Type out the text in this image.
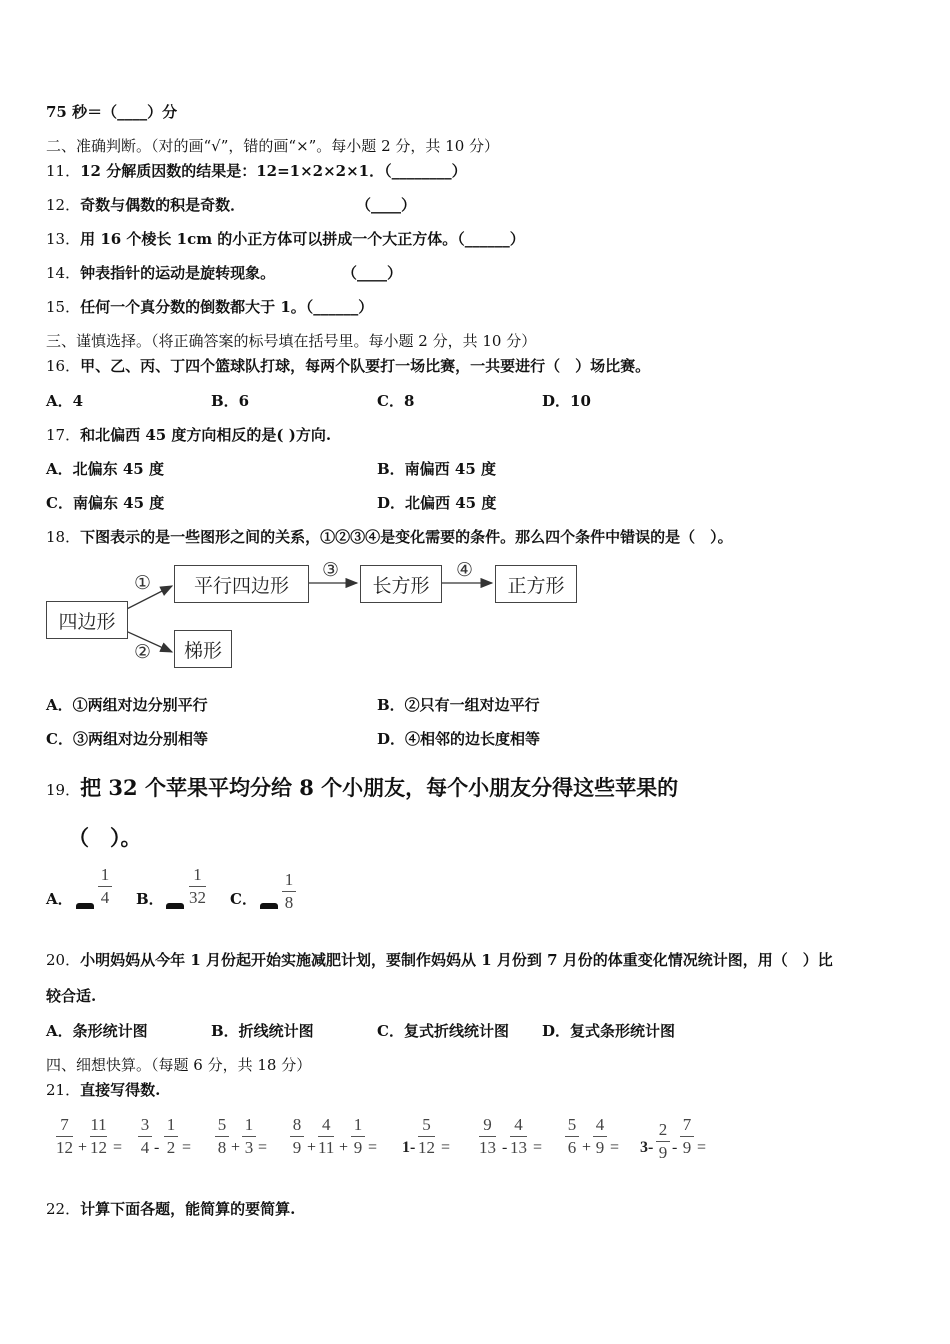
75 秒＝（____）分
二、准确判断。（对的画“√”，错的画“×”。每小题 2 分，共 10 分）
11．12 分解质因数的结果是：12=1×2×2×1．（________）
12．奇数与偶数的积是奇数．	（____）
13．用 16 个棱长 1cm 的小正方体可以拼成一个大正方体。（______）
14．钟表指针的运动是旋转现象。	（____）
15．任何一个真分数的倒数都大于 1。（______）
三、谨慎选择。（将正确答案的标号填在括号里。每小题 2 分，共 10 分）
16．甲、乙、丙、丁四个篮球队打球，每两个队要打一场比赛，一共要进行（　）场比赛。
A．4	B．6	C．8	D．10
17．和北偏西 45 度方向相反的是( )方向.
A．北偏东 45 度	B．南偏西 45 度
C．南偏东 45 度	D．北偏西 45 度
18．下图表示的是一些图形之间的关系，①②③④是变化需要的条件。那么四个条件中错误的是（　）。
四边形
平行四边形	长方形	正方形
梯形
①
②
③	④
A．①两组对边分别平行	B．②只有一组对边平行
C．③两组对边分别相等	D．④相邻的边长度相等
19．把 32 个苹果平均分给 8 个小朋友，每个小朋友分得这些苹果的
（　）。
A．
1
4 B．
1
32 C．
1
8
20．小明妈妈从今年 1 月份起开始实施减肥计划，要制作妈妈从 1 月份到 7 月份的体重变化情况统计图，用（　）比
较合适.
A．条形统计图	B．折线统计图	C．复式折线统计图 D．复式条形统计图
四、细想快算。（每题 6 分，共 18 分）
21．直接写得数.
7
12 +
11
12 =
3
4 -
1
2 =
5
8 +
1
3 =
8
9 +
4
11 +
1
9 = 1-
5
12 =
9
13 -
4
13 =
5
6 +
4
9 = 3-
2
9 -
7
9 =
22．计算下面各题，能简算的要简算.
